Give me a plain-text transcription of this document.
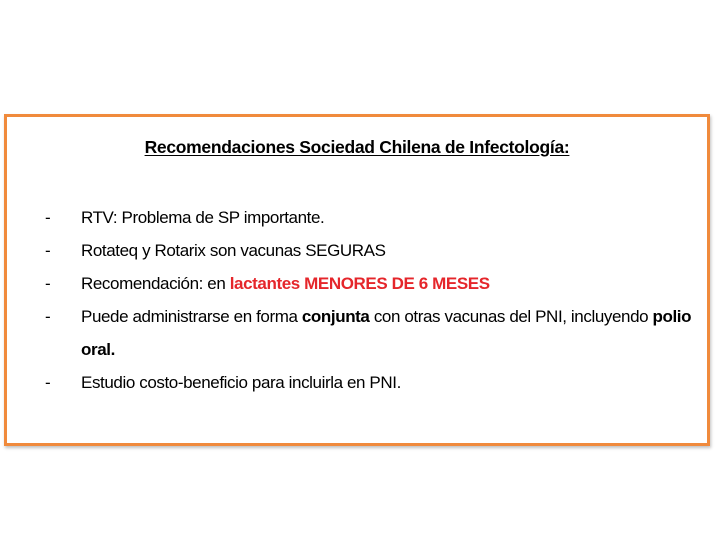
Recomendaciones Sociedad Chilena de Infectología:
-	RTV: Problema de SP importante.
-	Rotateq y Rotarix son vacunas SEGURAS
-	Recomendación: en lactantes MENORES DE 6 MESES
-	Puede administrarse en forma conjunta con otras vacunas del PNI, incluyendo polio oral.
-	Estudio costo-beneficio para incluirla en PNI.
